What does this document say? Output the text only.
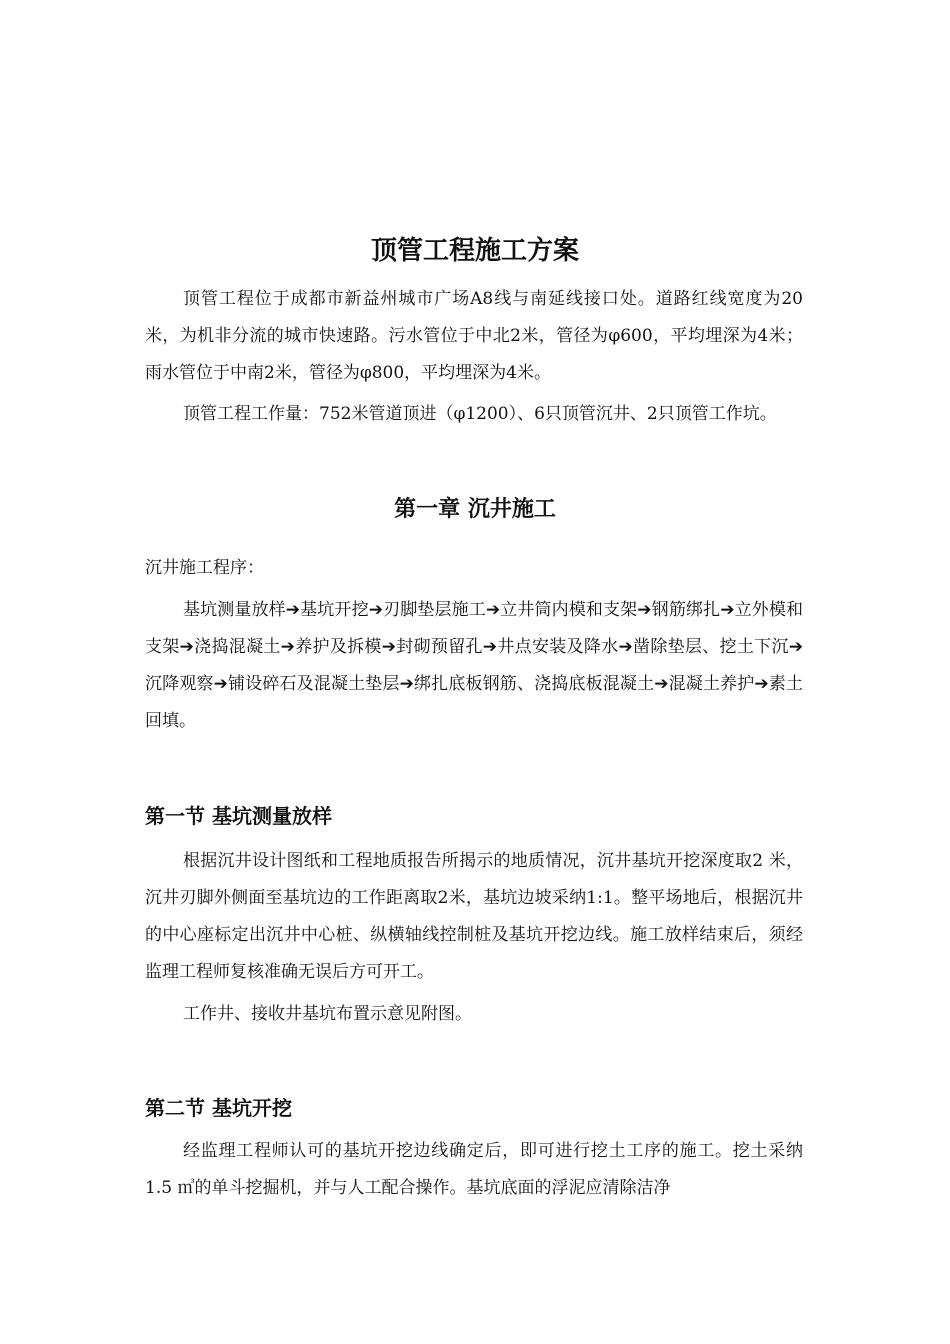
顶管工程施工方案

顶管工程位于成都市新益州城市广场A8线与南延线接口处。道路红线宽度为20米，为机非分流的城市快速路。污水管位于中北2米，管径为φ600，平均埋深为4米；雨水管位于中南2米，管径为φ800，平均埋深为4米。

顶管工程工作量：752米管道顶进（φ1200）、6只顶管沉井、2只顶管工作坑。

第一章 沉井施工
沉井施工程序：

基坑测量放样➔基坑开挖➔刃脚垫层施工➔立井筒内模和支架➔钢筋绑扎➔立外模和支架➔浇捣混凝土➔养护及拆模➔封砌预留孔➔井点安装及降水➔凿除垫层、挖土下沉➔沉降观察➔铺设碎石及混凝土垫层➔绑扎底板钢筋、浇捣底板混凝土➔混凝土养护➔素土回填。

第一节 基坑测量放样

根据沉井设计图纸和工程地质报告所揭示的地质情况，沉井基坑开挖深度取2 米，沉井刃脚外侧面至基坑边的工作距离取2米，基坑边坡采纳1:1。整平场地后，根据沉井的中心座标定出沉井中心桩、纵横轴线控制桩及基坑开挖边线。施工放样结束后，须经监理工程师复核准确无误后方可开工。

工作井、接收井基坑布置示意见附图。

第二节 基坑开挖

经监理工程师认可的基坑开挖边线确定后，即可进行挖土工序的施工。挖土采纳1.5 ㎥的单斗挖掘机，并与人工配合操作。基坑底面的浮泥应清除洁净
